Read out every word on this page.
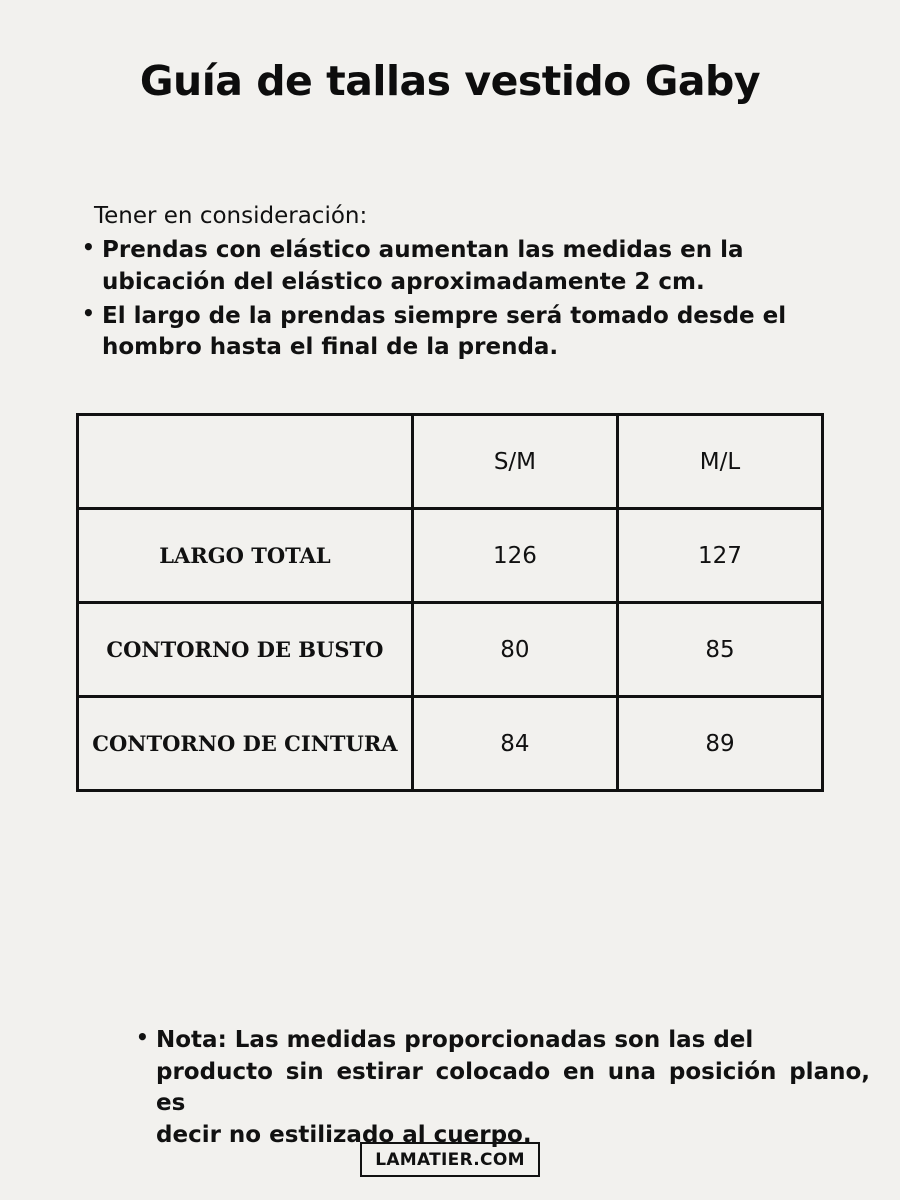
Guía de tallas vestido Gaby
Tener en consideración:
• Prendas con elástico aumentan las medidas en la
ubicación del elástico aproximadamente 2 cm.
• El largo de la prendas siempre será tomado desde el
hombro hasta el final de la prenda.
	S/M	M/L
LARGO TOTAL	126	127
CONTORNO DE BUSTO	80	85
CONTORNO DE CINTURA	84	89
• Nota: Las medidas proporcionadas son las del
producto sin estirar colocado en una posición plano, es
decir no estilizado al cuerpo.
LAMATIER.COM
